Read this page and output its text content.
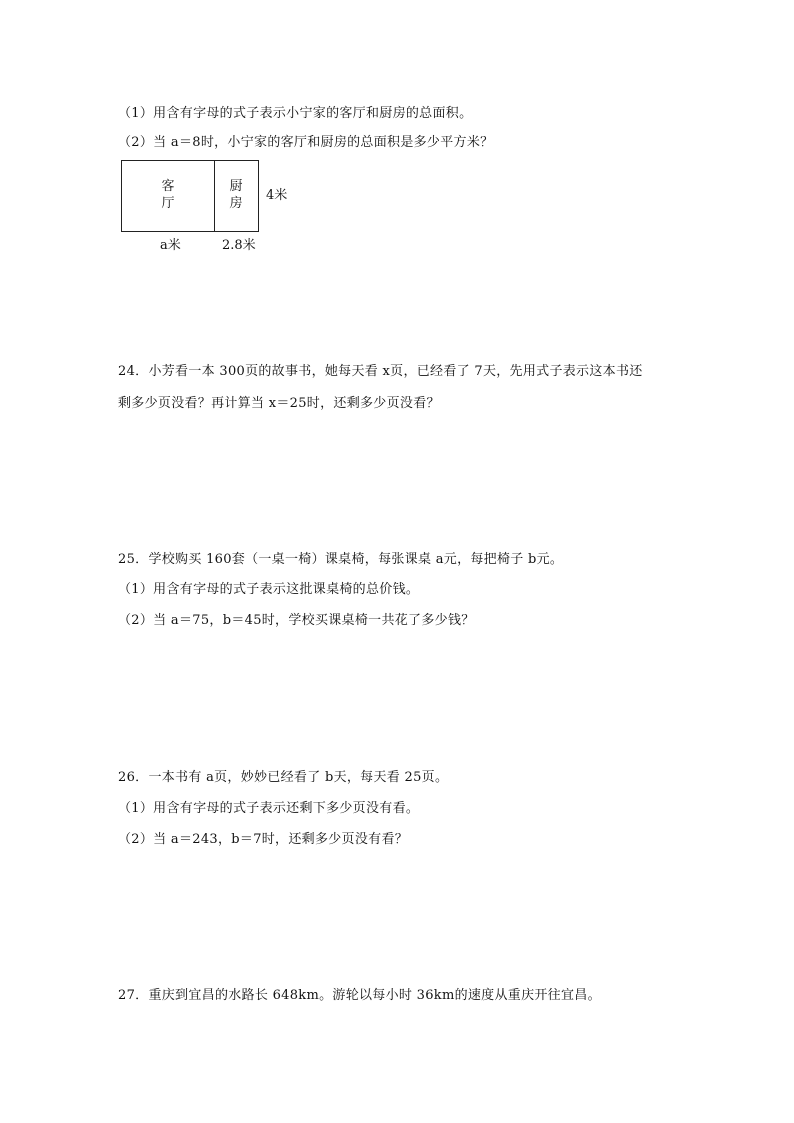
（1）用含有字母的式子表示小宁家的客厅和厨房的总面积。
（2）当 a＝8时，小宁家的客厅和厨房的总面积是多少平方米？
客
厅
厨
房
4米
a米	2.8米
24．小芳看一本 300页的故事书，她每天看 x页，已经看了 7天，先用式子表示这本书还
剩多少页没看？再计算当 x＝25时，还剩多少页没看？
25．学校购买 160套（一桌一椅）课桌椅，每张课桌 a元，每把椅子 b元。
（1）用含有字母的式子表示这批课桌椅的总价钱。
（2）当 a＝75，b＝45时，学校买课桌椅一共花了多少钱？
26．一本书有 a页，妙妙已经看了 b天，每天看 25页。
（1）用含有字母的式子表示还剩下多少页没有看。
（2）当 a＝243，b＝7时，还剩多少页没有看？
27．重庆到宜昌的水路长 648km。游轮以每小时 36km的速度从重庆开往宜昌。
